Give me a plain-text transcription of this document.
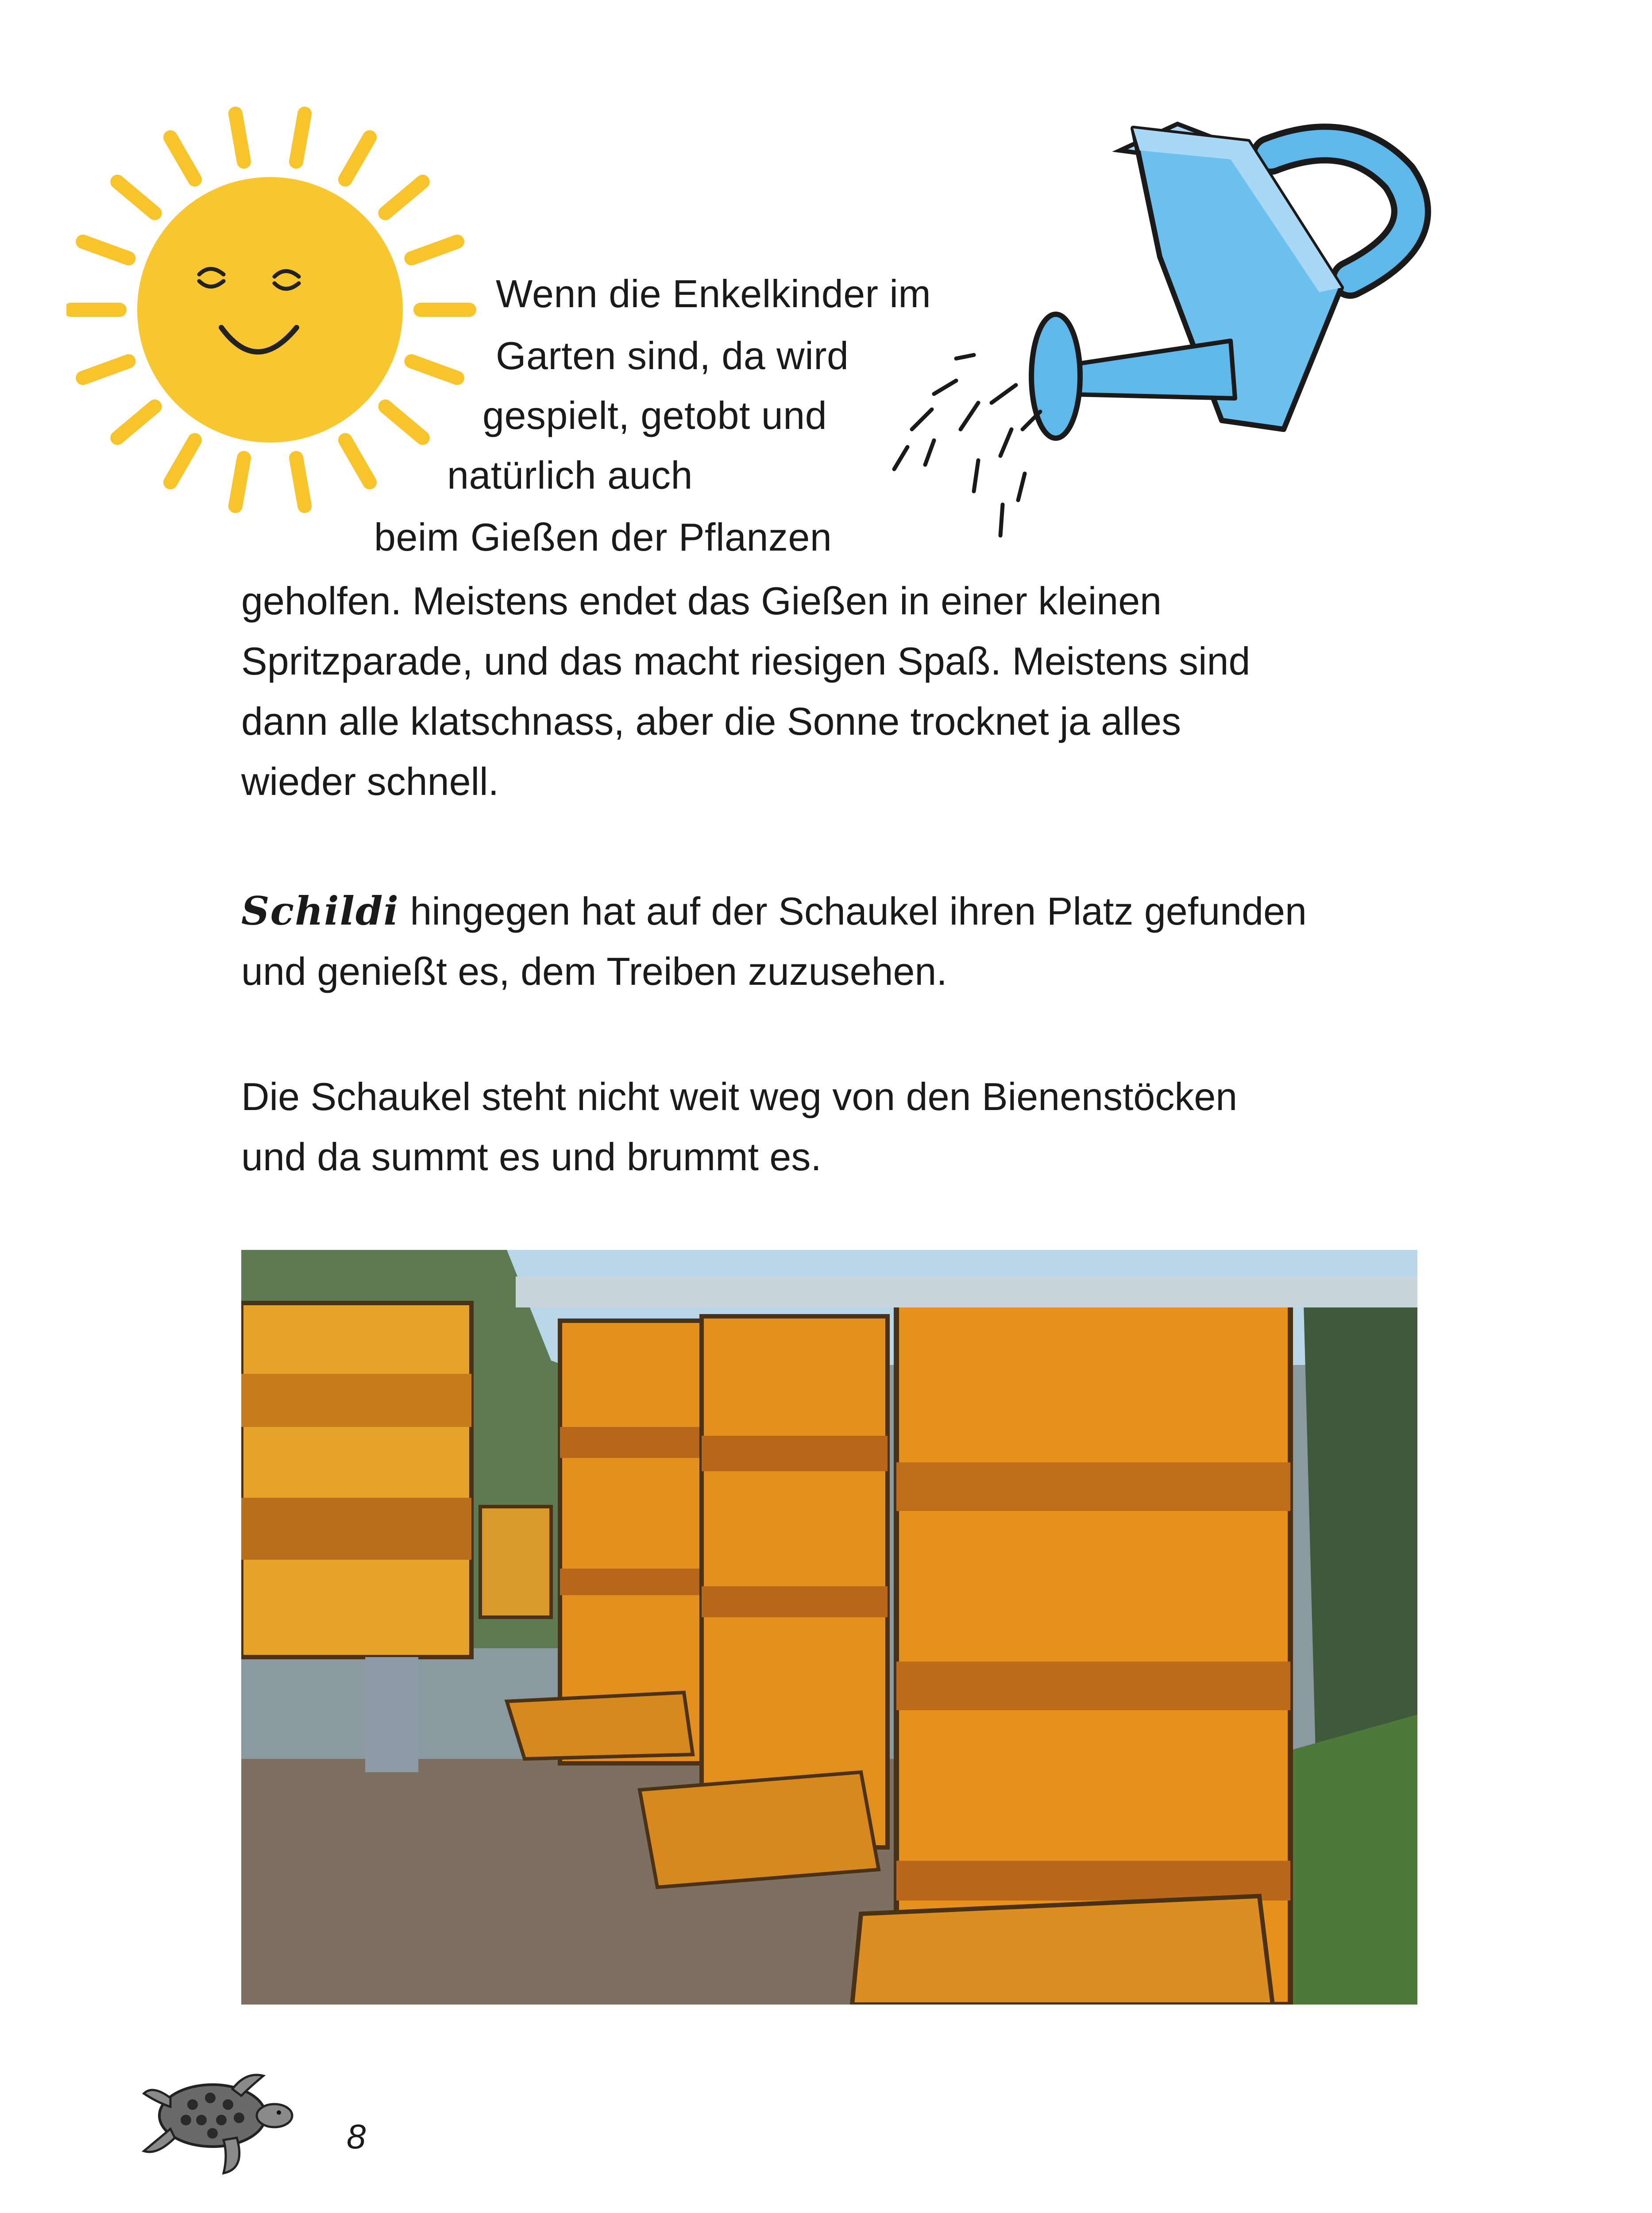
Wenn die Enkelkinder im
Garten sind, da wird
gespielt, getobt und
natürlich auch
beim Gießen der Pflanzen

geholfen. Meistens endet das Gießen in einer kleinen
Spritzparade, und das macht riesigen Spaß. Meistens sind
dann alle klatschnass, aber die Sonne trocknet ja alles
wieder schnell.

Schildi hingegen hat auf der Schaukel ihren Platz gefunden
und genießt es, dem Treiben zuzusehen.

Die Schaukel steht nicht weit weg von den Bienenstöcken
und da summt es und brummt es.

8
